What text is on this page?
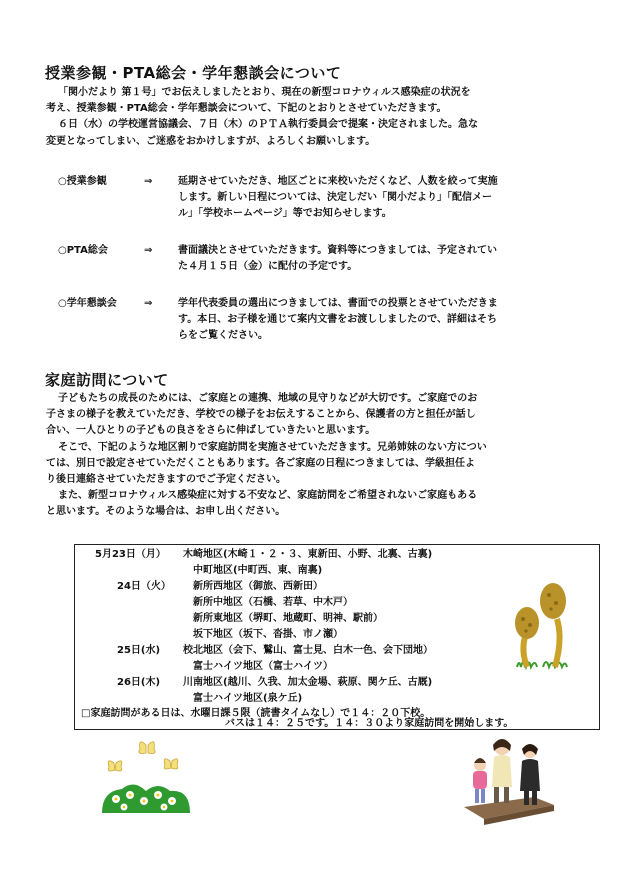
授業参観・PTA総会・学年懇談会について
「関小だより 第１号」でお伝えしましたとおり、現在の新型コロナウィルス感染症の状況を
考え、授業参観・PTA総会・学年懇談会について、下記のとおりとさせていただきます。
６日（水）の学校運営協議会、７日（木）のＰＴＡ執行委員会で提案・決定されました。急な
変更となってしまい、ご迷惑をおかけしますが、よろしくお願いします。
○授業参観	⇒	延期させていただき、地区ごとに来校いただくなど、人数を絞って実施
します。新しい日程については、決定しだい「関小だより」「配信メー
ル」「学校ホームページ」等でお知らせします。
○PTA総会	⇒	書面議決とさせていただきます。資料等につきましては、予定されてい
た４月１５日（金）に配付の予定です。
○学年懇談会	⇒	学年代表委員の選出につきましては、書面での投票とさせていただきま
す。本日、お子様を通じて案内文書をお渡ししましたので、詳細はそち
らをご覧ください。
家庭訪問について
子どもたちの成長のためには、ご家庭との連携、地域の見守りなどが大切です。ご家庭でのお
子さまの様子を教えていただき、学校での様子をお伝えすることから、保護者の方と担任が話し
合い、一人ひとりの子どもの良さをさらに伸ばしていきたいと思います。
そこで、下記のような地区割りで家庭訪問を実施させていただきます。兄弟姉妹のない方につい
ては、別日で設定させていただくこともあります。各ご家庭の日程につきましては、学級担任よ
り後日連絡させていただきますのでご予定ください。
また、新型コロナウィルス感染症に対する不安など、家庭訪問をご希望されないご家庭もある
と思います。そのような場合は、お申し出ください。
5月23日（月） 木崎地区(木崎１・２・３、東新田、小野、北裏、古裏)
中町地区(中町西、東、南裏)
24日（火） 新所西地区（御旅、西新田）
新所中地区（石橋、若草、中木戸）
新所東地区（堺町、地蔵町、明神、駅前）
坂下地区（坂下、沓掛、市ノ瀬）
25日(水) 校北地区（会下、鷲山、富士見、白木一色、会下団地）
富士ハイツ地区（富士ハイツ）
26日(木) 川南地区(越川、久我、加太金場、萩原、関ケ丘、古厩)
富士ハイツ地区(泉ケ丘)
□家庭訪問がある日は、水曜日課５限（読書タイムなし）で１４：２０下校。
バスは１４：２５です。１４：３０より家庭訪問を開始します。
